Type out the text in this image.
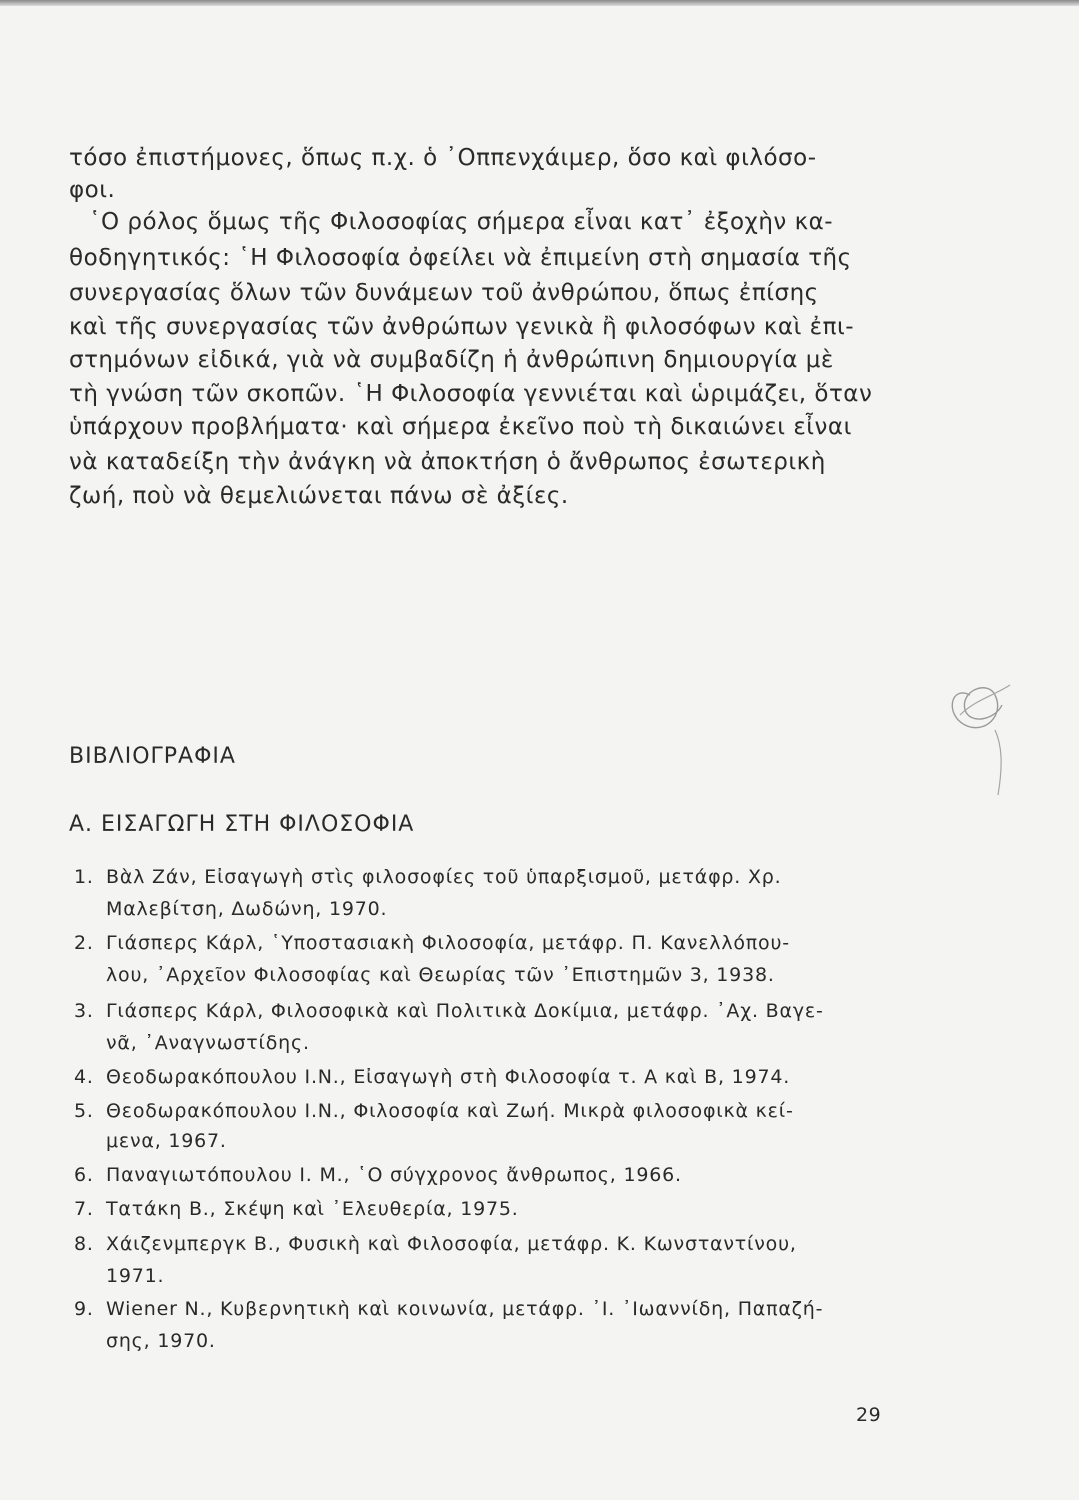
τόσο ἐπιστήμονες, ὅπως π.χ. ὁ ᾿Οππενχάιμερ, ὅσο καὶ φιλόσο-
φοι.
῾Ο ρόλος ὅμως τῆς Φιλοσοφίας σήμερα εἶναι κατ᾿ ἐξοχὴν κα-
θοδηγητικός: ῾Η Φιλοσοφία ὀφείλει νὰ ἐπιμείνη στὴ σημασία τῆς
συνεργασίας ὅλων τῶν δυνάμεων τοῦ ἀνθρώπου, ὅπως ἐπίσης
καὶ τῆς συνεργασίας τῶν ἀνθρώπων γενικὰ ἢ φιλοσόφων καὶ ἐπι-
στημόνων εἰδικά, γιὰ νὰ συμβαδίζη ἡ ἀνθρώπινη δημιουργία μὲ
τὴ γνώση τῶν σκοπῶν. ῾Η Φιλοσοφία γεννιέται καὶ ὡριμάζει, ὅταν
ὑπάρχουν προβλήματα· καὶ σήμερα ἐκεῖνο ποὺ τὴ δικαιώνει εἶναι
νὰ καταδείξη τὴν ἀνάγκη νὰ ἀποκτήση ὁ ἄνθρωπος ἐσωτερικὴ
ζωή, ποὺ νὰ θεμελιώνεται πάνω σὲ ἀξίες.
ΒΙΒΛΙΟΓΡΑΦΙΑ
Α. ΕΙΣΑΓΩΓΗ ΣΤΗ ΦΙΛΟΣΟΦΙΑ
1. Βὰλ Ζάν, Εἰσαγωγὴ στὶς φιλοσοφίες τοῦ ὑπαρξισμοῦ, μετάφρ. Χρ.
Μαλεβίτση, Δωδώνη, 1970.
2. Γιάσπερς Κάρλ, ῾Υποστασιακὴ Φιλοσοφία, μετάφρ. Π. Κανελλόπου-
λου, ᾿Αρχεῖον Φιλοσοφίας καὶ Θεωρίας τῶν ᾿Επιστημῶν 3, 1938.
3. Γιάσπερς Κάρλ, Φιλοσοφικὰ καὶ Πολιτικὰ Δοκίμια, μετάφρ. ᾿Αχ. Βαγε-
νᾶ, ᾿Αναγνωστίδης.
4. Θεοδωρακόπουλου Ι.Ν., Εἰσαγωγὴ στὴ Φιλοσοφία τ. Α καὶ Β, 1974.
5. Θεοδωρακόπουλου Ι.Ν., Φιλοσοφία καὶ Ζωή. Μικρὰ φιλοσοφικὰ κεί-
μενα, 1967.
6. Παναγιωτόπουλου Ι. Μ., ῾Ο σύγχρονος ἄνθρωπος, 1966.
7. Τατάκη Β., Σκέψη καὶ ᾿Ελευθερία, 1975.
8. Χάιζενμπεργκ Β., Φυσικὴ καὶ Φιλοσοφία, μετάφρ. Κ. Κωνσταντίνου,
1971.
9. Wiener N., Κυβερνητικὴ καὶ κοινωνία, μετάφρ. ᾿Ι. ᾿Ιωαννίδη, Παπαζή-
σης, 1970.
29
